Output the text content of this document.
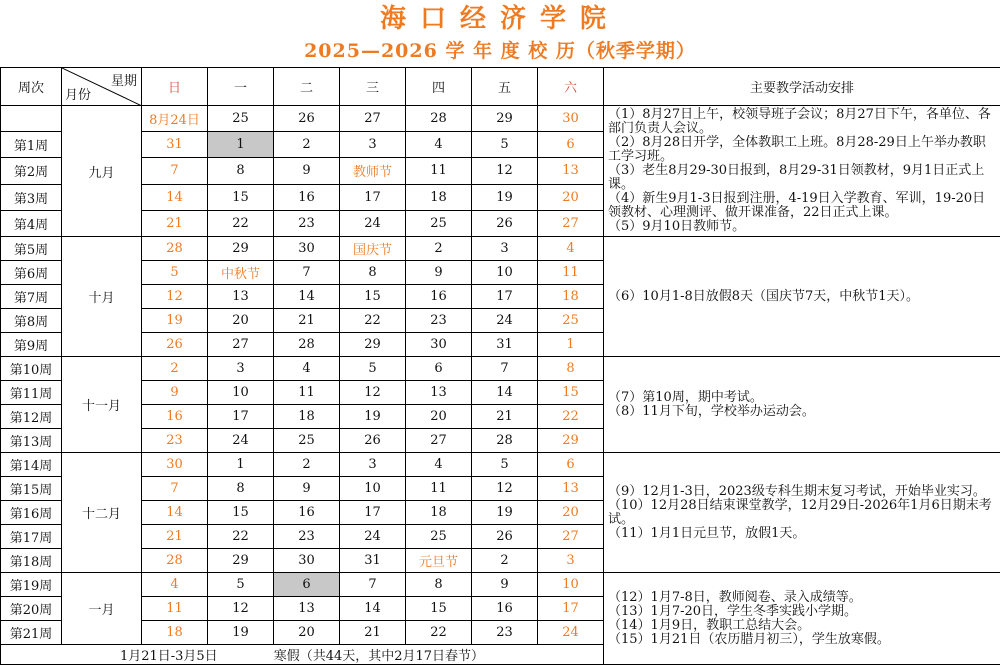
海口经济学院
2025—2026 学 年 度 校 历（秋季学期）
周次	星期
月份	日	一	二	三	四	五	六	主要教学活动安排
	九月	8月24日	25	26	27	28	29	30	（1）8月27日上午，校领导班子会议；8月27日下午，各单位、各部门负责人会议。
（2）8月28日开学，全体教职工上班。8月28-29日上午举办教职工学习班。
（3）老生8月29-30日报到，8月29-31日领教材，9月1日正式上课。
（4）新生9月1-3日报到注册，4-19日入学教育、军训，19-20日领教材、心理测评、做开课准备，22日正式上课。
（5）9月10日教师节。

第1周		31	1	2	3	4	5	6	
第2周		7	8	9	教师节	11	12	13	
第3周		14	15	16	17	18	19	20	
第4周		21	22	23	24	25	26	27	
第5周	十月	28	29	30	国庆节	2	3	4	（6）10月1-8日放假8天（国庆节7天，中秋节1天）。

第6周		5	中秋节	7	8	9	10	11	
第7周		12	13	14	15	16	17	18	
第8周		19	20	21	22	23	24	25	
第9周		26	27	28	29	30	31	1	
第10周	十一月	2	3	4	5	6	7	8	（7）第10周，期中考试。
（8）11月下旬，学校举办运动会。

第11周		9	10	11	12	13	14	15	
第12周		16	17	18	19	20	21	22	
第13周		23	24	25	26	27	28	29	
第14周	十二月	30	1	2	3	4	5	6	（9）12月1-3日，2023级专科生期末复习考试，开始毕业实习。
（10）12月28日结束课堂教学，12月29日-2026年1月6日期末考试。
（11）1月1日元旦节，放假1天。

第15周		7	8	9	10	11	12	13	
第16周		14	15	16	17	18	19	20	
第17周		21	22	23	24	25	26	27	
第18周		28	29	30	31	元旦节	2	3	
第19周	一月	4	5	6	7	8	9	10	（12）1月7-8日，教师阅卷、录入成绩等。
（13）1月7-20日，学生冬季实践小学期。
（14）1月9日，教职工总结大会。
（15）1月21日（农历腊月初三），学生放寒假。

第20周		11	12	13	14	15	16	17	
第21周		18	19	20	21	22	23	24	
1月21日-3月5日 寒假（共44天，其中2月17日春节）									
